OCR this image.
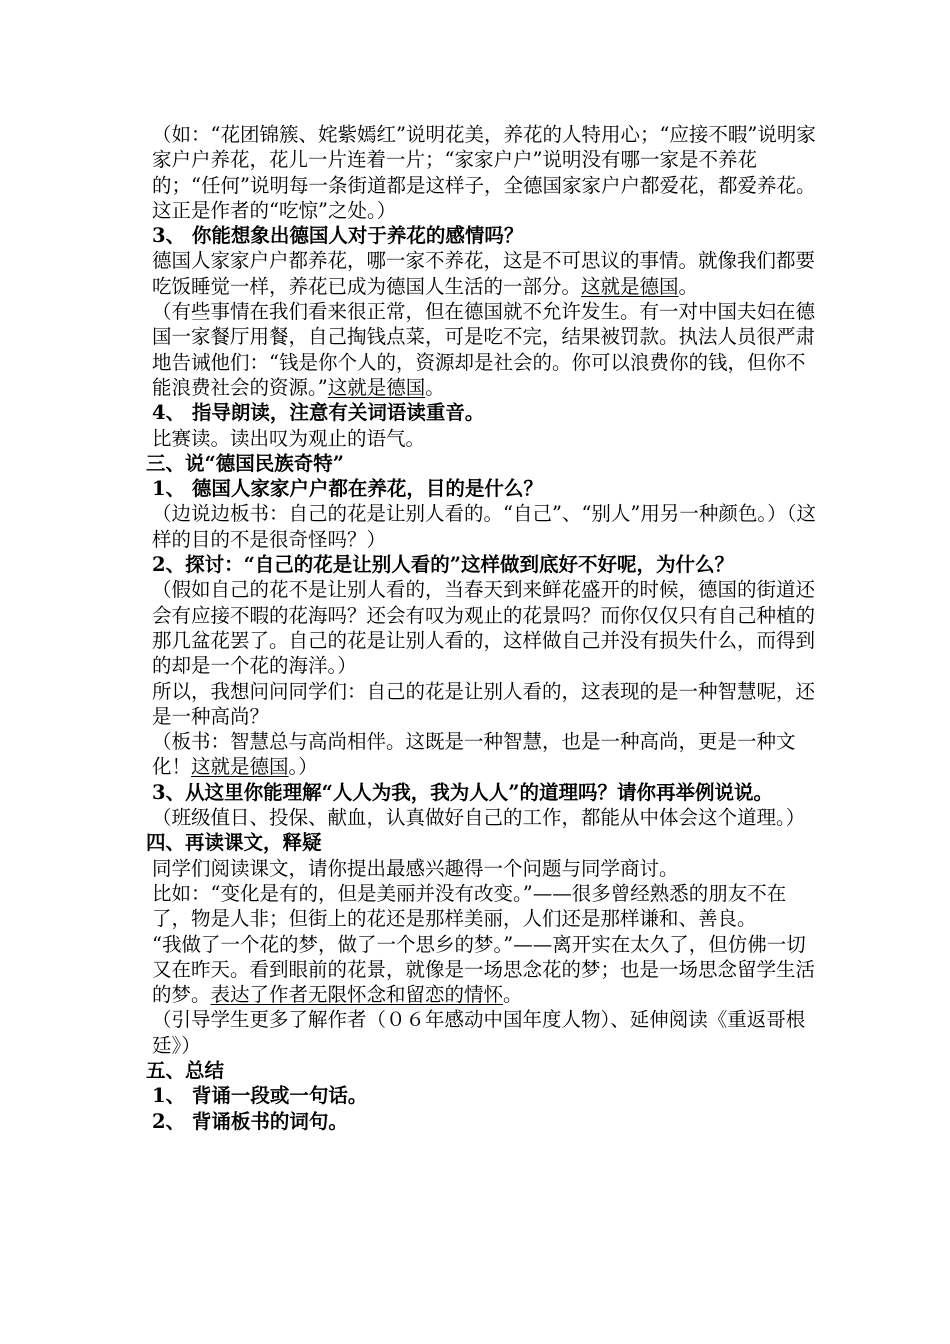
（如：“花团锦簇、姹紫嫣红”说明花美，养花的人特用心；“应接不暇”说明家家户户养花，花儿一片连着一片；“家家户户”说明没有哪一家是不养花的；“任何”说明每一条街道都是这样子，全德国家家户户都爱花，都爱养花。这正是作者的“吃惊”之处。）

3、 你能想象出德国人对于养花的感情吗？

德国人家家户户都养花，哪一家不养花，这是不可思议的事情。就像我们都要吃饭睡觉一样，养花已成为德国人生活的一部分。这就是德国。

（有些事情在我们看来很正常，但在德国就不允许发生。有一对中国夫妇在德国一家餐厅用餐，自己掏钱点菜，可是吃不完，结果被罚款。执法人员很严肃地告诫他们：“钱是你个人的，资源却是社会的。你可以浪费你的钱，但你不能浪费社会的资源。”这就是德国。

4、 指导朗读，注意有关词语读重音。

比赛读。读出叹为观止的语气。

三、说“德国民族奇特”

1、 德国人家家户户都在养花，目的是什么？

（边说边板书：自己的花是让别人看的。“自己”、“别人”用另一种颜色。）（这样的目的不是很奇怪吗？）

2、探讨：“自己的花是让别人看的”这样做到底好不好呢，为什么？

（假如自己的花不是让别人看的，当春天到来鲜花盛开的时候，德国的街道还会有应接不暇的花海吗？还会有叹为观止的花景吗？而你仅仅只有自己种植的那几盆花罢了。自己的花是让别人看的，这样做自己并没有损失什么，而得到的却是一个花的海洋。）

所以，我想问问同学们：自己的花是让别人看的，这表现的是一种智慧呢，还是一种高尚？

（板书：智慧总与高尚相伴。这既是一种智慧，也是一种高尚，更是一种文化！这就是德国。）

3、从这里你能理解“人人为我，我为人人”的道理吗？请你再举例说说。

（班级值日、投保、献血，认真做好自己的工作，都能从中体会这个道理。）

四、再读课文，释疑

同学们阅读课文，请你提出最感兴趣得一个问题与同学商讨。

比如：“变化是有的，但是美丽并没有改变。”——很多曾经熟悉的朋友不在了，物是人非；但街上的花还是那样美丽，人们还是那样谦和、善良。

“我做了一个花的梦，做了一个思乡的梦。”——离开实在太久了，但仿佛一切又在昨天。看到眼前的花景，就像是一场思念花的梦；也是一场思念留学生活的梦。表达了作者无限怀念和留恋的情怀。

（引导学生更多了解作者（０６年感动中国年度人物）、延伸阅读《重返哥根廷》）

五、总结

1、 背诵一段或一句话。

2、 背诵板书的词句。
